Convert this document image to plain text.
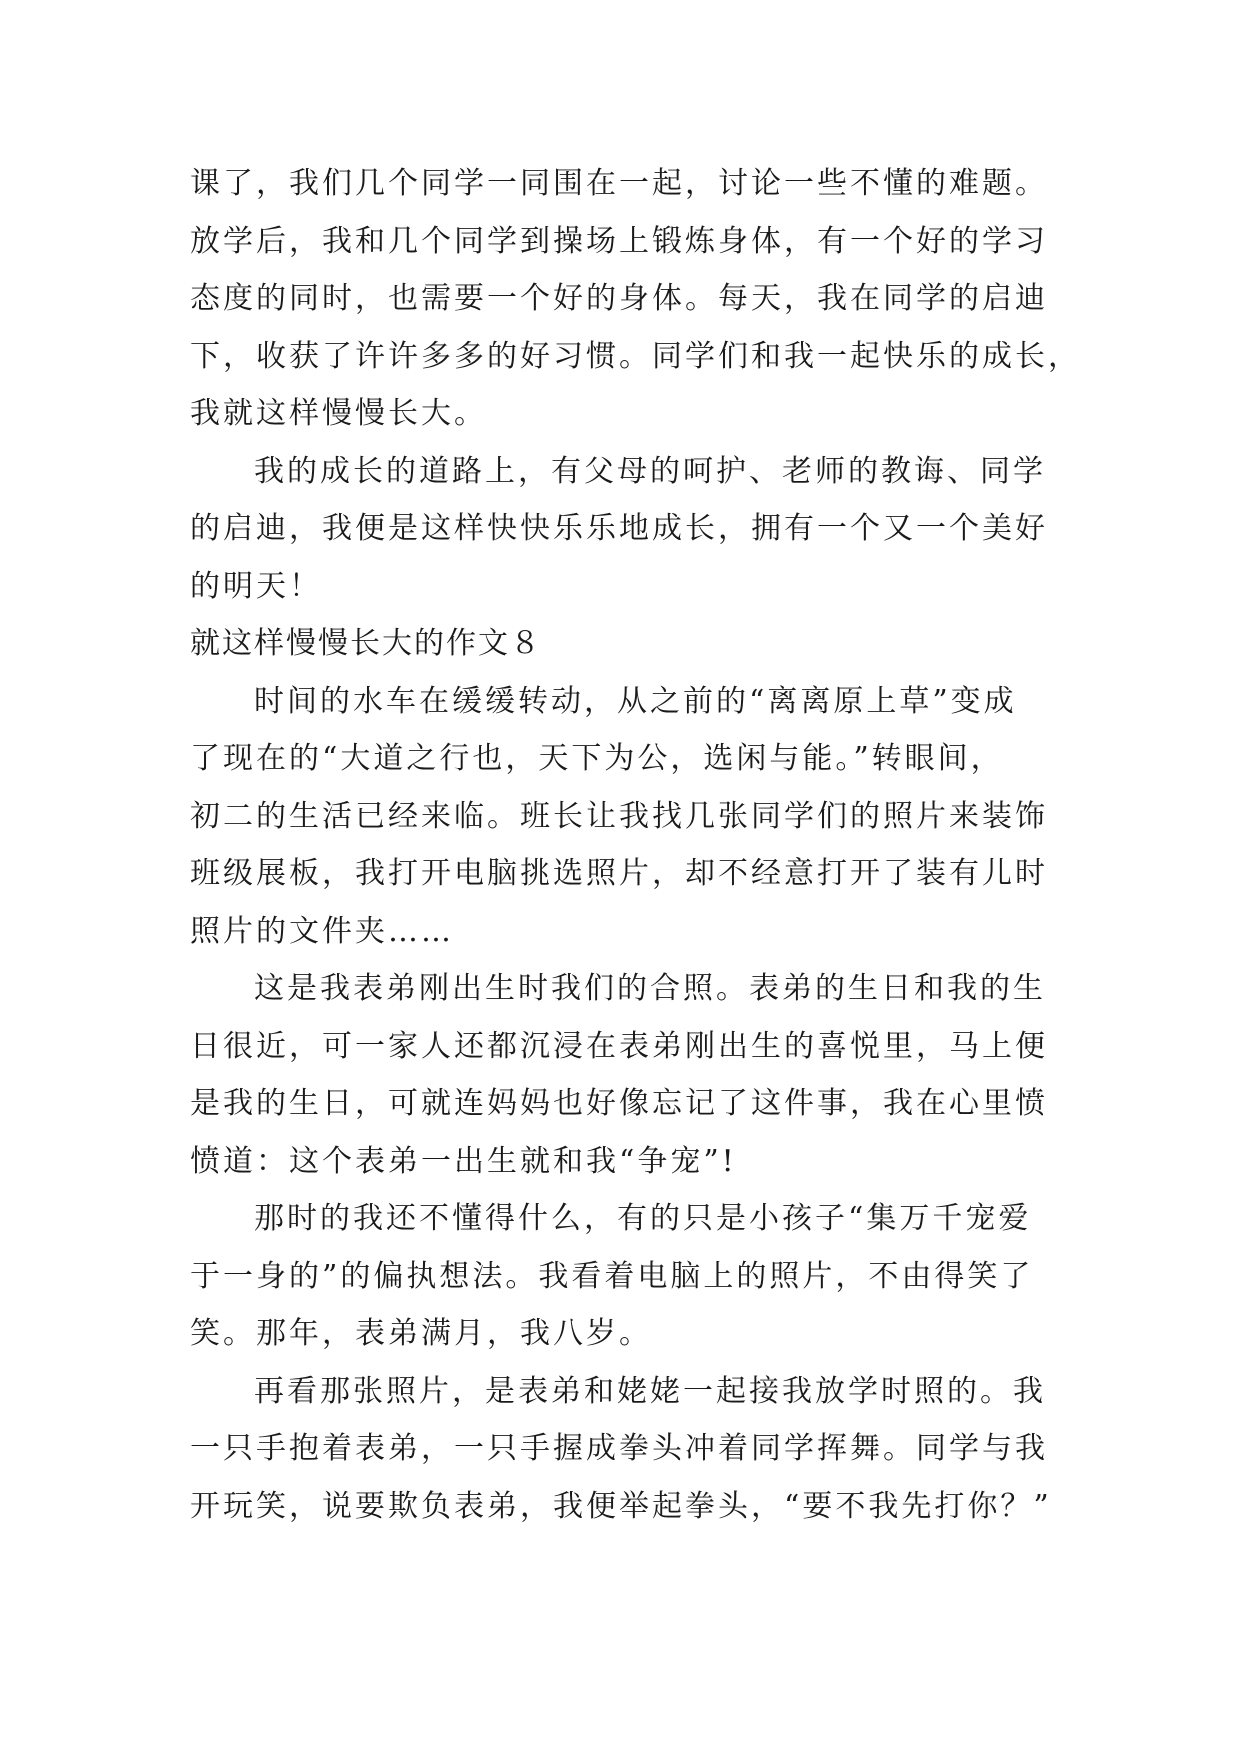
课了，我们几个同学一同围在一起，讨论一些不懂的难题。
放学后，我和几个同学到操场上锻炼身体，有一个好的学习
态度的同时，也需要一个好的身体。每天，我在同学的启迪
下，收获了许许多多的好习惯。同学们和我一起快乐的成长，
我就这样慢慢长大。
我的成长的道路上，有父母的呵护、老师的教诲、同学
的启迪，我便是这样快快乐乐地成长，拥有一个又一个美好
的明天！
就这样慢慢长大的作文８
时间的水车在缓缓转动，从之前的“离离原上草”变成
了现在的“大道之行也，天下为公，选闲与能。”转眼间，
初二的生活已经来临。班长让我找几张同学们的照片来装饰
班级展板，我打开电脑挑选照片，却不经意打开了装有儿时
照片的文件夹……
这是我表弟刚出生时我们的合照。表弟的生日和我的生
日很近，可一家人还都沉浸在表弟刚出生的喜悦里，马上便
是我的生日，可就连妈妈也好像忘记了这件事，我在心里愤
愤道：这个表弟一出生就和我“争宠”!
那时的我还不懂得什么，有的只是小孩子“集万千宠爱
于一身的”的偏执想法。我看着电脑上的照片，不由得笑了
笑。那年，表弟满月，我八岁。
再看那张照片，是表弟和姥姥一起接我放学时照的。我
一只手抱着表弟，一只手握成拳头冲着同学挥舞。同学与我
开玩笑，说要欺负表弟，我便举起拳头，“要不我先打你？”
